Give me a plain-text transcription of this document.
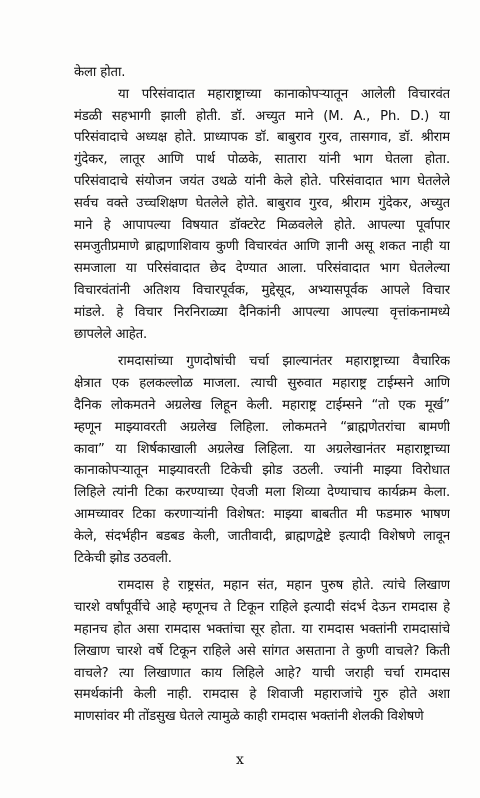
केला होता.
या परिसंवादात महाराष्ट्राच्या कानाकोपऱ्यातून आलेली विचारवंत
मंडळी सहभागी झाली होती. डॉ. अच्युत माने (M. A., Ph. D.) या
परिसंवादाचे अध्यक्ष होते. प्राध्यापक डॉ. बाबुराव गुरव, तासगाव, डॉ. श्रीराम
गुंदेकर, लातूर आणि पार्थ पोळके, सातारा यांनी भाग घेतला होता.
परिसंवादाचे संयोजन जयंत उथळे यांनी केले होते. परिसंवादात भाग घेतलेले
सर्वच वक्ते उच्चशिक्षण घेतलेले होते. बाबुराव गुरव, श्रीराम गुंदेकर, अच्युत
माने हे आपापल्या विषयात डॉक्टरेट मिळवलेले होते. आपल्या पूर्वापार
समजुतीप्रमाणे ब्राह्मणाशिवाय कुणी विचारवंत आणि ज्ञानी असू शकत नाही या
समजाला या परिसंवादात छेद देण्यात आला. परिसंवादात भाग घेतलेल्या
विचारवंतांनी अतिशय विचारपूर्वक, मुद्देसूद, अभ्यासपूर्वक आपले विचार
मांडले. हे विचार निरनिराळ्या दैनिकांनी आपल्या आपल्या वृत्तांकनामध्ये
छापलेले आहेत.
रामदासांच्या गुणदोषांची चर्चा झाल्यानंतर महाराष्ट्राच्या वैचारिक
क्षेत्रात एक हलकल्लोळ माजला. त्याची सुरुवात महाराष्ट्र टाईम्सने आणि
दैनिक लोकमतने अग्रलेख लिहून केली. महाराष्ट्र टाईम्सने “तो एक मूर्ख”
म्हणून माझ्यावरती अग्रलेख लिहिला. लोकमतने “ब्राह्मणेतरांचा बामणी
कावा” या शिर्षकाखाली अग्रलेख लिहिला. या अग्रलेखानंतर महाराष्ट्राच्या
कानाकोपऱ्यातून माझ्यावरती टिकेची झोड उठली. ज्यांनी माझ्या विरोधात
लिहिले त्यांनी टिका करण्याच्या ऐवजी मला शिव्या देण्याचाच कार्यक्रम केला.
आमच्यावर टिका करणाऱ्यांनी विशेषत: माझ्या बाबतीत मी फडमारु भाषण
केले, संदर्भहीन बडबड केली, जातीवादी, ब्राह्मणद्वेष्टे इत्यादी विशेषणे लावून
टिकेची झोड उठवली.
रामदास हे राष्ट्रसंत, महान संत, महान पुरुष होते. त्यांचे लिखाण
चारशे वर्षांपूर्वीचे आहे म्हणूनच ते टिकून राहिले इत्यादी संदर्भ देऊन रामदास हे
महानच होत असा रामदास भक्तांचा सूर होता. या रामदास भक्तांनी रामदासांचे
लिखाण चारशे वर्षे टिकून राहिले असे सांगत असताना ते कुणी वाचले? किती
वाचले? त्या लिखाणात काय लिहिले आहे? याची जराही चर्चा रामदास
समर्थकांनी केली नाही. रामदास हे शिवाजी महाराजांचे गुरु होते अशा
माणसांवर मी तोंडसुख घेतले त्यामुळे काही रामदास भक्तांनी शेलकी विशेषणे
x
